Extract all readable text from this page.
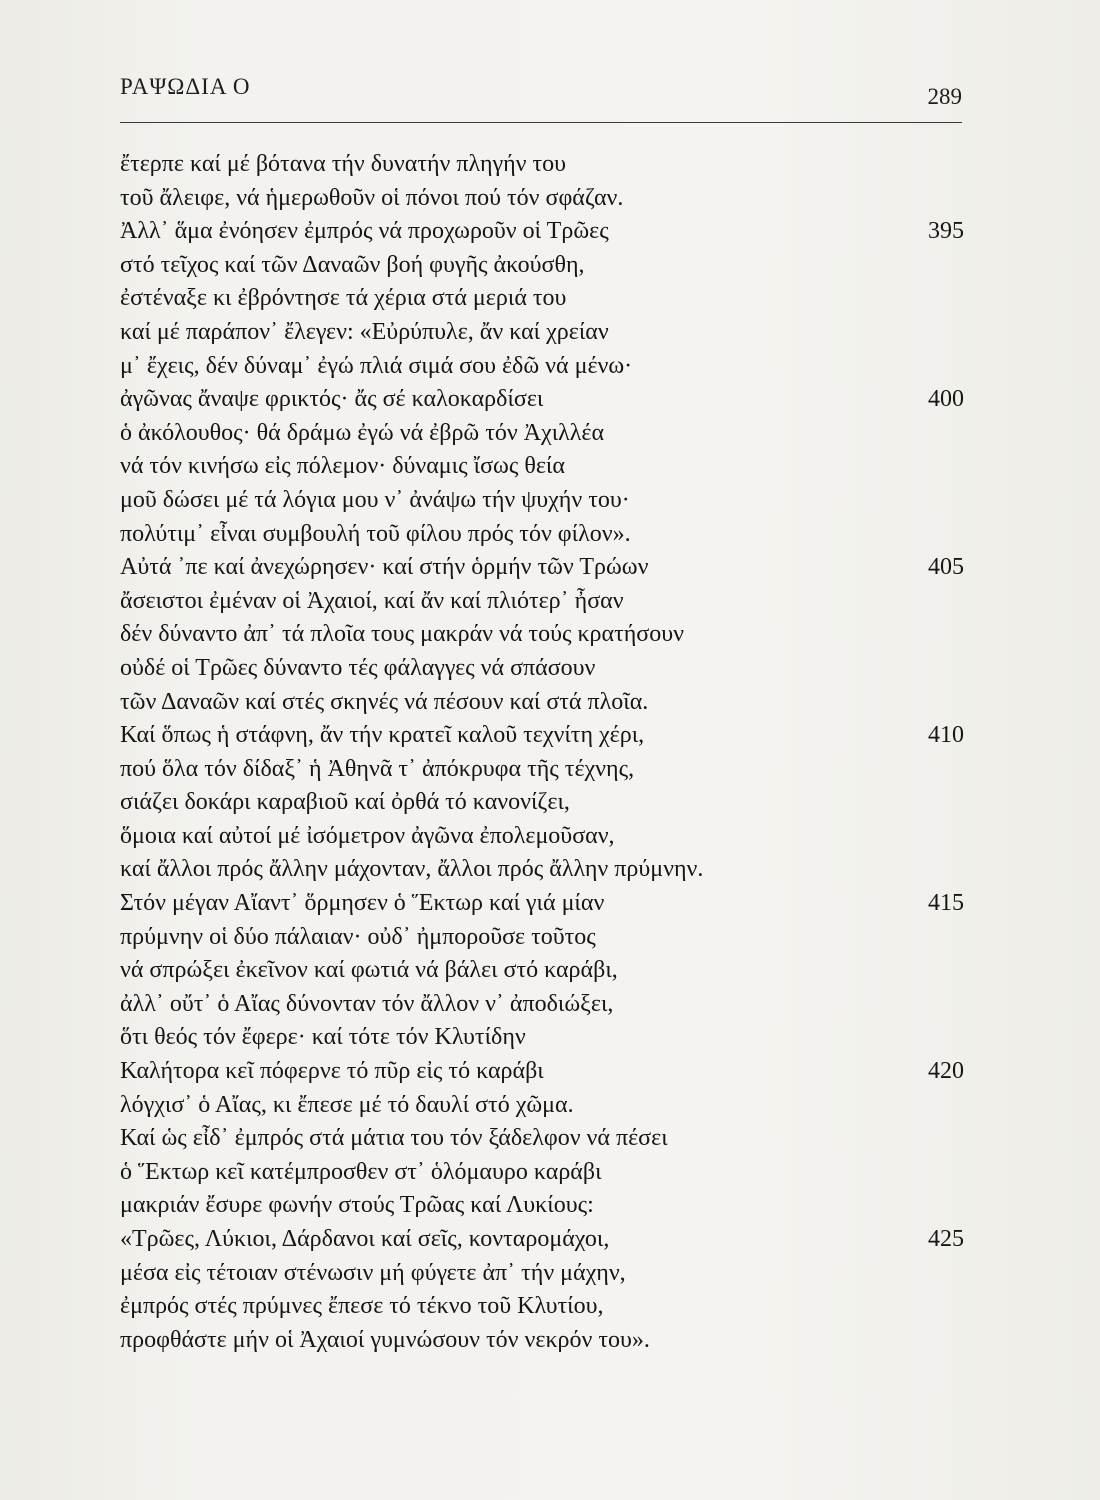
ΡΑΨΩΔΙΑ Ο	289
ἔτερπε καί μέ βότανα τήν δυνατήν πληγήν του
τοῦ ἄλειφε, νά ἡμερωθοῦν οἱ πόνοι πού τόν σφάζαν.
Ἀλλ᾽ ἅμα ἐνόησεν ἐμπρός νά προχωροῦν οἱ Τρῶες	395
στό τεῖχος καί τῶν Δαναῶν βοή φυγῆς ἀκούσθη,
ἐστέναξε κι ἐβρόντησε τά χέρια στά μεριά του
καί μέ παράπον᾽ ἔλεγεν: «Εὐρύπυλε, ἄν καί χρείαν
μ᾽ ἔχεις, δέν δύναμ᾽ ἐγώ πλιά σιμά σου ἐδῶ νά μένω·
ἀγῶνας ἄναψε φρικτός· ἄς σέ καλοκαρδίσει	400
ὁ ἀκόλουθος· θά δράμω ἐγώ νά ἐβρῶ τόν Ἀχιλλέα
νά τόν κινήσω εἰς πόλεμον· δύναμις ἴσως θεία
μοῦ δώσει μέ τά λόγια μου ν᾽ ἀνάψω τήν ψυχήν του·
πολύτιμ᾽ εἶναι συμβουλή τοῦ φίλου πρός τόν φίλον».
Αὐτά ᾽πε καί ἀνεχώρησεν· καί στήν ὁρμήν τῶν Τρώων	405
ἄσειστοι ἐμέναν οἱ Ἀχαιοί, καί ἄν καί πλιότερ᾽ ἦσαν
δέν δύναντο ἀπ᾽ τά πλοῖα τους μακράν νά τούς κρατήσουν
οὐδέ οἱ Τρῶες δύναντο τές φάλαγγες νά σπάσουν
τῶν Δαναῶν καί στές σκηνές νά πέσουν καί στά πλοῖα.
Καί ὅπως ἡ στάφνη, ἄν τήν κρατεῖ καλοῦ τεχνίτη χέρι,	410
πού ὅλα τόν δίδαξ᾽ ἡ Ἀθηνᾶ τ᾽ ἀπόκρυφα τῆς τέχνης,
σιάζει δοκάρι καραβιοῦ καί ὀρθά τό κανονίζει,
ὅμοια καί αὐτοί μέ ἰσόμετρον ἀγῶνα ἐπολεμοῦσαν,
καί ἄλλοι πρός ἄλλην μάχονταν, ἄλλοι πρός ἄλλην πρύμνην.
Στόν μέγαν Αἴαντ᾽ ὅρμησεν ὁ Ἕκτωρ καί γιά μίαν	415
πρύμνην οἱ δύο πάλαιαν· οὐδ᾽ ἠμποροῦσε τοῦτος
νά σπρώξει ἐκεῖνον καί φωτιά νά βάλει στό καράβι,
ἀλλ᾽ οὔτ᾽ ὁ Αἴας δύνονταν τόν ἄλλον ν᾽ ἀποδιώξει,
ὅτι θεός τόν ἔφερε· καί τότε τόν Κλυτίδην
Καλήτορα κεῖ πόφερνε τό πῦρ εἰς τό καράβι	420
λόγχισ᾽ ὁ Αἴας, κι ἔπεσε μέ τό δαυλί στό χῶμα.
Καί ὡς εἶδ᾽ ἐμπρός στά μάτια του τόν ξάδελφον νά πέσει
ὁ Ἕκτωρ κεῖ κατέμπροσθεν στ᾽ ὁλόμαυρο καράβι
μακριάν ἔσυρε φωνήν στούς Τρῶας καί Λυκίους:
«Τρῶες, Λύκιοι, Δάρδανοι καί σεῖς, κονταρομάχοι,	425
μέσα εἰς τέτοιαν στένωσιν μή φύγετε ἀπ᾽ τήν μάχην,
ἐμπρός στές πρύμνες ἔπεσε τό τέκνο τοῦ Κλυτίου,
προφθάστε μήν οἱ Ἀχαιοί γυμνώσουν τόν νεκρόν του».
